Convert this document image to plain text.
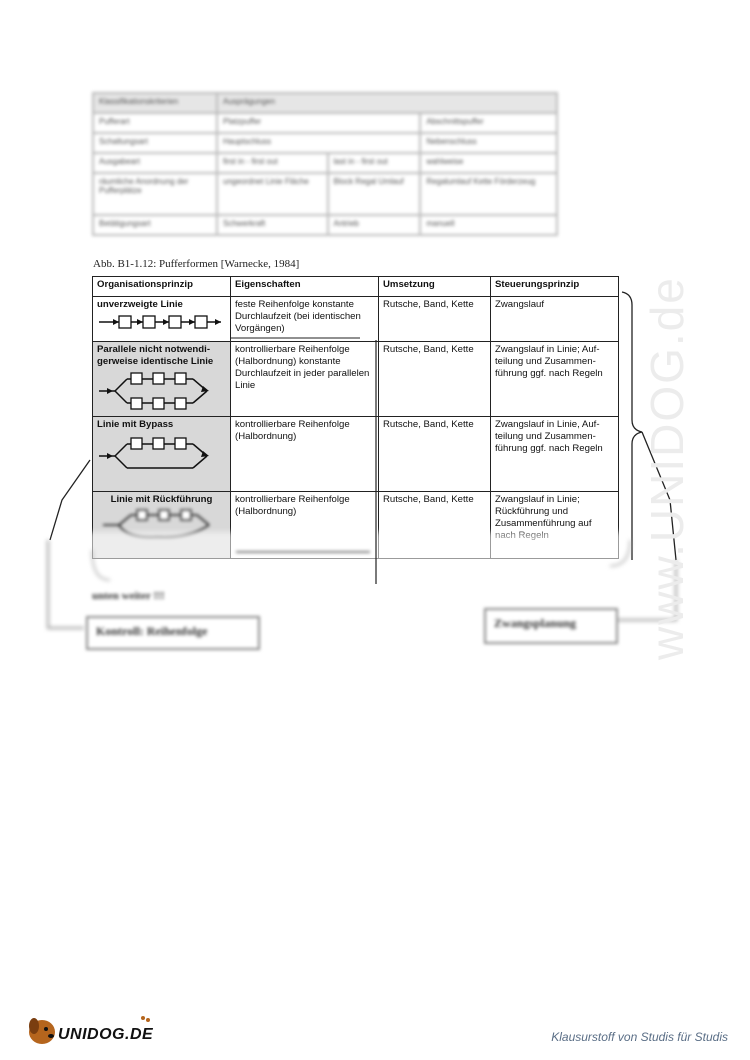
Klassifikationskriterien	Ausprägungen		
Pufferart	Platzpuffer		Abschnittspuffer
Schaltungsart	Hauptschluss		Nebenschluss
Ausgabeart	first in - first out	last in - first out	wahlweise
räumliche Anordnung der Pufferplätze	ungeordnet Linie Fläche	Block Regal Umlauf	Regalumlauf Kette Förderzeug
Betätigungsart	Schwerkraft	Antrieb	manuell
Abb. B1-1.12: Pufferformen [Warnecke, 1984]
Organisationsprinzip	Eigenschaften	Umsetzung	Steuerungsprinzip
unverzweigte Linie	feste Reihenfolge konstante Durchlaufzeit (bei identischen Vorgängen)	Rutsche, Band, Kette	Zwangslauf
Parallele nicht notwendi-gerweise identische Linie	kontrollierbare Reihenfolge (Halbordnung) konstante Durchlaufzeit in jeder parallelen Linie	Rutsche, Band, Kette	Zwangslauf in Linie; Auf-teilung und Zusammen-führung ggf. nach Regeln
Linie mit Bypass	kontrollierbare Reihenfolge (Halbordnung)	Rutsche, Band, Kette	Zwangslauf in Linie, Auf-teilung und Zusammen-führung ggf. nach Regeln
Linie mit Rückführung	kontrollierbare Reihenfolge (Halbordnung)	Rutsche, Band, Kette	Zwangslauf in Linie; Rückführung und Zusammenführung auf
unten weiter !!!
Kontroll: Reihenfolge
Zwangsplanung	www.UNIDOG.de
UNIDOG.DE	Klausurstoff von Studis für Studis
